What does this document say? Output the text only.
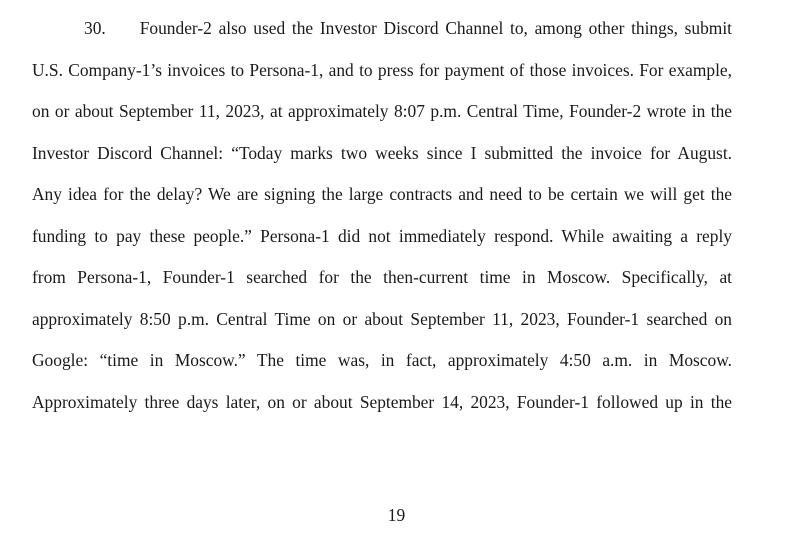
30. Founder-2 also used the Investor Discord Channel to, among other things, submit
U.S. Company-1’s invoices to Persona-1, and to press for payment of those invoices. For example,
on or about September 11, 2023, at approximately 8:07 p.m. Central Time, Founder-2 wrote in the
Investor Discord Channel: “Today marks two weeks since I submitted the invoice for August.
Any idea for the delay? We are signing the large contracts and need to be certain we will get the
funding to pay these people.” Persona-1 did not immediately respond. While awaiting a reply
from Persona-1, Founder-1 searched for the then-current time in Moscow. Specifically, at
approximately 8:50 p.m. Central Time on or about September 11, 2023, Founder-1 searched on
Google: “time in Moscow.” The time was, in fact, approximately 4:50 a.m. in Moscow.
Approximately three days later, on or about September 14, 2023, Founder-1 followed up in the

19
